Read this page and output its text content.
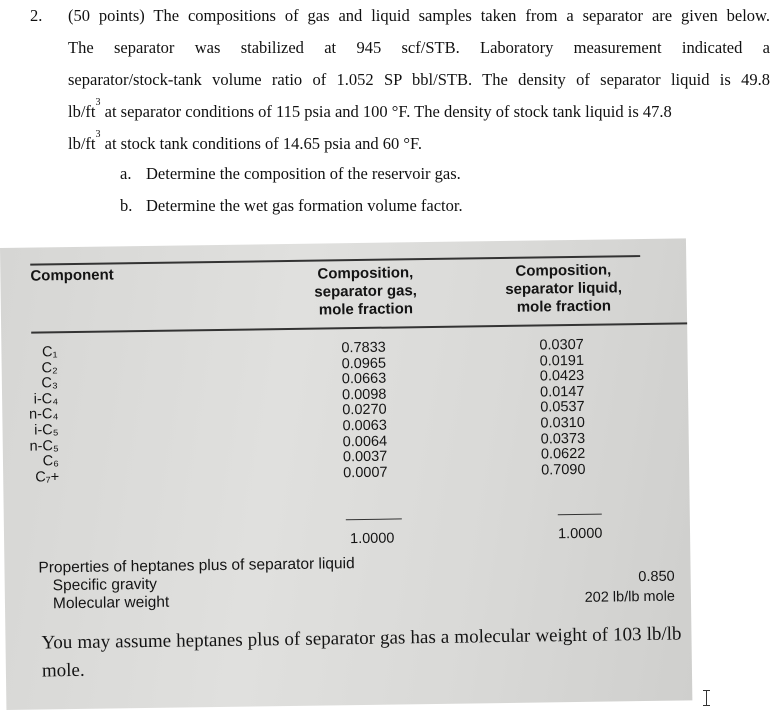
2. (50 points) The compositions of gas and liquid samples taken from a separator are given below.
The separator was stabilized at 945 scf/STB. Laboratory measurement indicated a
separator/stock-tank volume ratio of 1.052 SP bbl/STB. The density of separator liquid is 49.8
$lb/ft^3$ at separator conditions of 115 psia and 100 °F. The density of stock tank liquid is 47.8
$lb/ft^3$ at stock tank conditions of 14.65 psia and 60 °F.
a. Determine the composition of the reservoir gas.
b. Determine the wet gas formation volume factor.
Component	Composition,
separator gas,
mole fraction
Composition,
separator liquid,
mole fraction
C₁
C₂
C₃
i-C₄
n-C₄
i-C₅
n-C₅
C₆
C₇+
0.7833
0.0965
0.0663
0.0098
0.0270
0.0063
0.0064
0.0037
0.0007
0.0307
0.0191
0.0423
0.0147
0.0537
0.0310
0.0373
0.0622
0.7090
1.0000	1.0000
Properties of heptanes plus of separator liquid
Specific gravity
Molecular weight
0.850
202 lb/lb mole
You may assume heptanes plus of separator gas has a molecular weight of 103 lb/lb mole.
